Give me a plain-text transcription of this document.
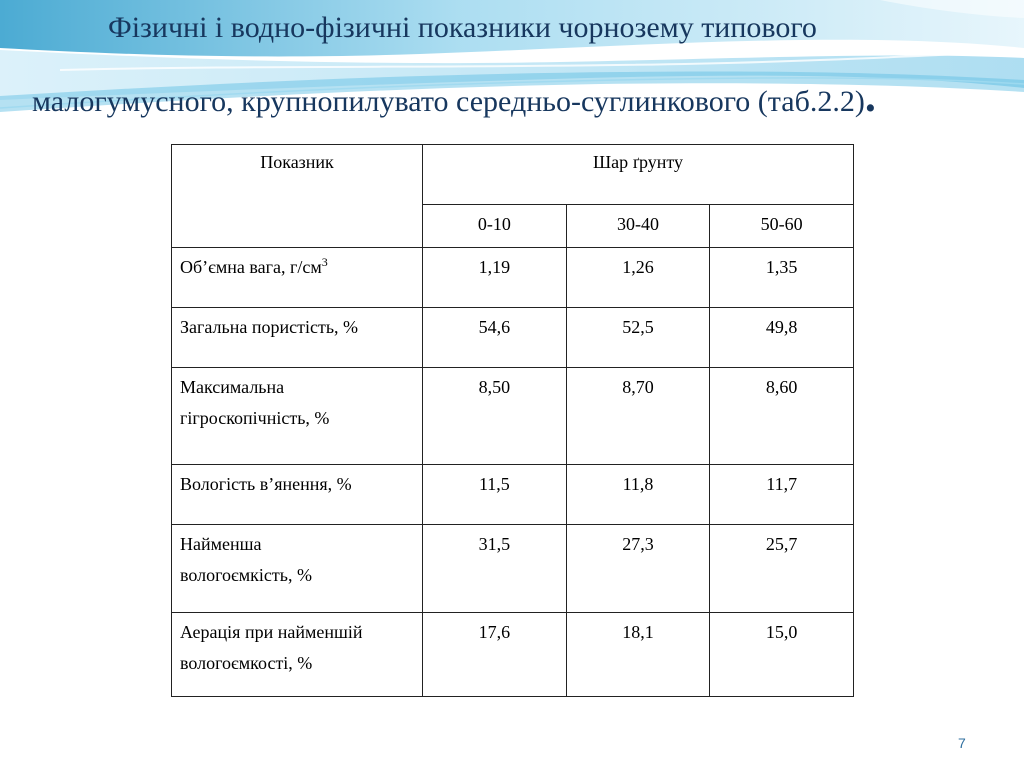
Фізичні і водно-фізичні показники чорнозему типового
малогумусного, крупнопилувато середньо-суглинкового (таб.2.2).
Показник	Шар ґрунту		
	0-10	30-40	50-60
Об’ємна вага, $г/см^3$	1,19	1,26	1,35
Загальна пористість, %	54,6	52,5	49,8
Максимальна
гігроскопічність, %	8,50	8,70	8,60
Вологість в’янення, %	11,5	11,8	11,7
Найменша
вологоємкість, %	31,5	27,3	25,7
Аерація при найменшій
вологоємкості, %	17,6	18,1	15,0
7
